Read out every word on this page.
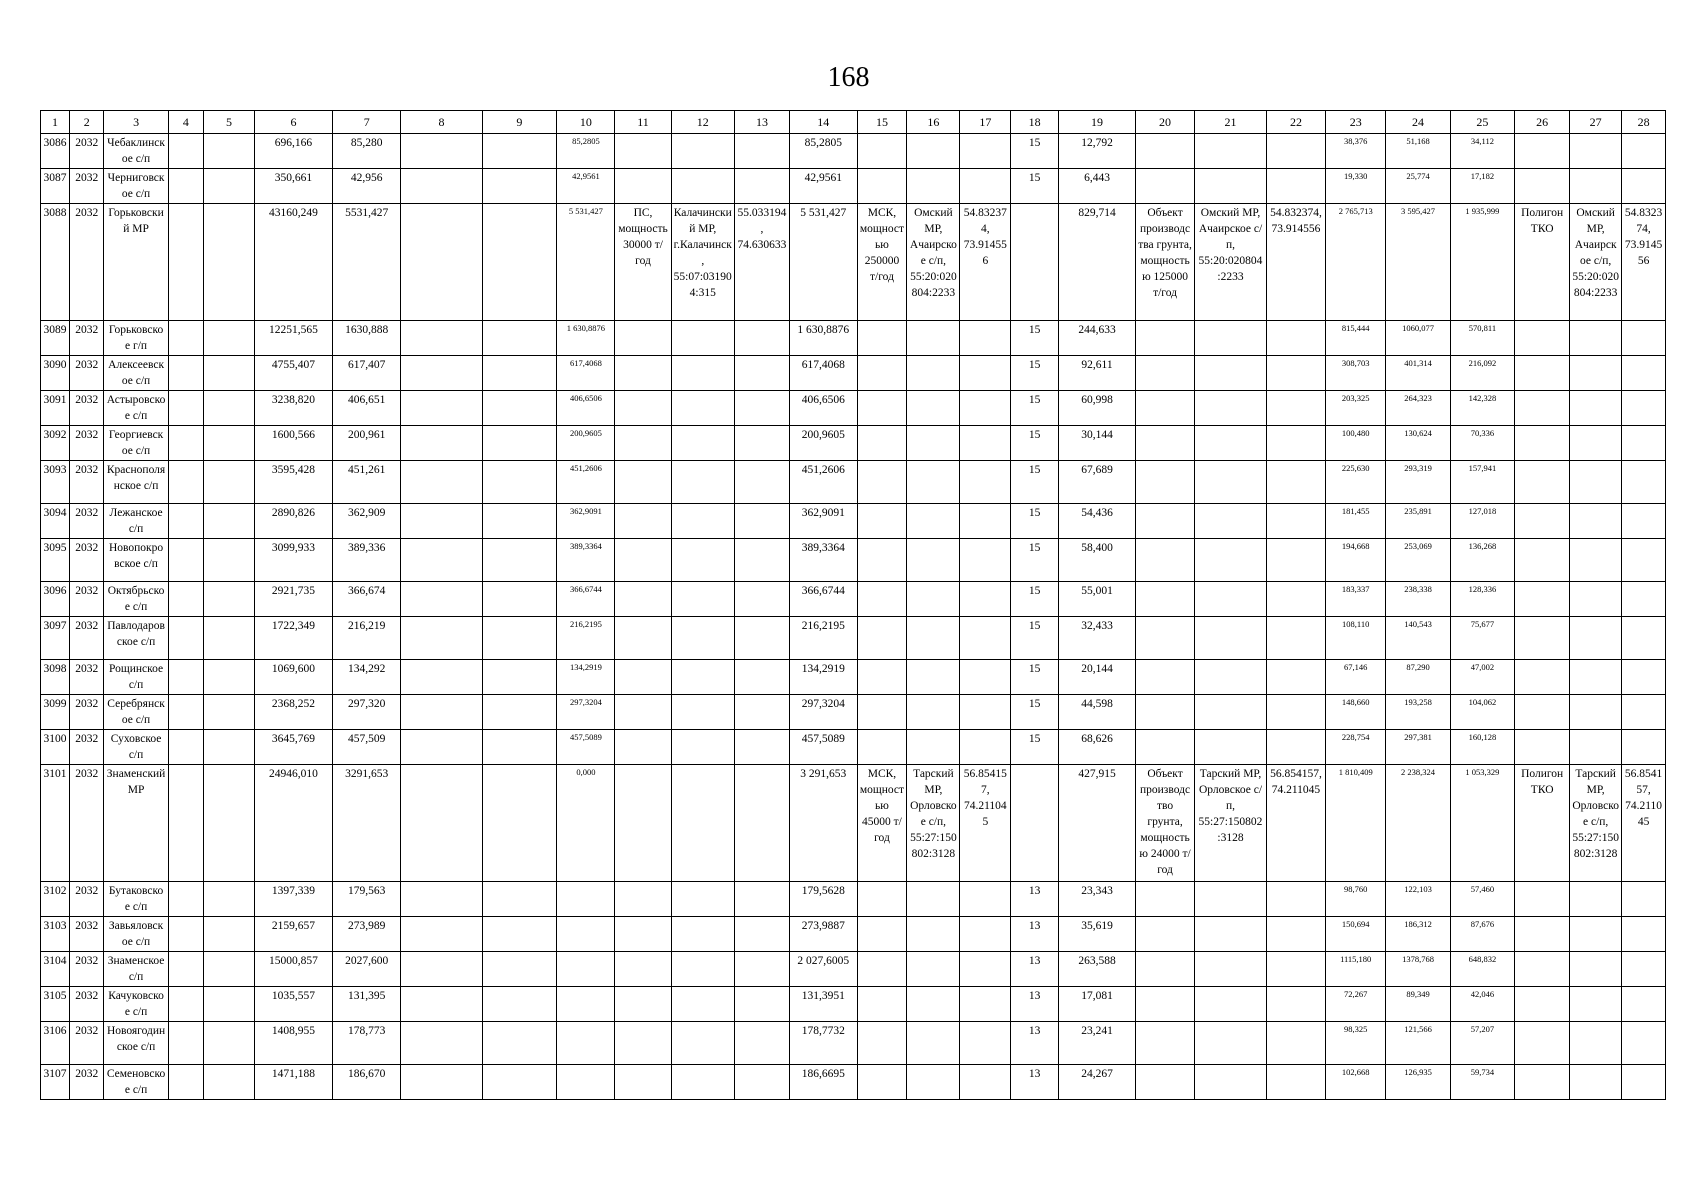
168
1	2	3	4	5	6	7	8	9	10	11	12	13	14	15	16	17	18	19	20	21	22	23	24	25	26	27	28
3086	2032	Чебаклинское с/п			696,166	85,280			85,2805				85,2805				15	12,792				38,376	51,168	34,112			
3087	2032	Черниговское с/п			350,661	42,956			42,9561				42,9561				15	6,443				19,330	25,774	17,182			
3088	2032	Горьковский МР			43160,249	5531,427			5 531,427	ПС, мощность 30000 т/год	Калачинский МР, г.Калачинск, 55:07:031904:315	55.033194, 74.630633	5 531,427	МСК, мощностью 250000 т/год	Омский МР, Ачаирское с/п, 55:20:020804:2233	54.832374, 73.914556		829,714	Объект производства грунта, мощностью 125000 т/год	Омский МР, Ачаирское с/п, 55:20:020804:2233	54.832374, 73.914556	2 765,713	3 595,427	1 935,999	Полигон ТКО	Омский МР, Ачаирское с/п, 55:20:020804:2233	54.832374, 73.914556
3089	2032	Горьковское г/п			12251,565	1630,888			1 630,8876				1 630,8876				15	244,633				815,444	1060,077	570,811			
3090	2032	Алексеевское с/п			4755,407	617,407			617,4068				617,4068				15	92,611				308,703	401,314	216,092			
3091	2032	Астыровское с/п			3238,820	406,651			406,6506				406,6506				15	60,998				203,325	264,323	142,328			
3092	2032	Георгиевское с/п			1600,566	200,961			200,9605				200,9605				15	30,144				100,480	130,624	70,336			
3093	2032	Краснополянское с/п			3595,428	451,261			451,2606				451,2606				15	67,689				225,630	293,319	157,941			
3094	2032	Лежанское с/п			2890,826	362,909			362,9091				362,9091				15	54,436				181,455	235,891	127,018			
3095	2032	Новопокровское с/п			3099,933	389,336			389,3364				389,3364				15	58,400				194,668	253,069	136,268			
3096	2032	Октябрьское с/п			2921,735	366,674			366,6744				366,6744				15	55,001				183,337	238,338	128,336			
3097	2032	Павлодаровское с/п			1722,349	216,219			216,2195				216,2195				15	32,433				108,110	140,543	75,677			
3098	2032	Рощинское с/п			1069,600	134,292			134,2919				134,2919				15	20,144				67,146	87,290	47,002			
3099	2032	Серебрянское с/п			2368,252	297,320			297,3204				297,3204				15	44,598				148,660	193,258	104,062			
3100	2032	Суховское с/п			3645,769	457,509			457,5089				457,5089				15	68,626				228,754	297,381	160,128			
3101	2032	Знаменский МР			24946,010	3291,653			0,000				3 291,653	МСК, мощностью 45000 т/год	Тарский МР, Орловское с/п, 55:27:150802:3128	56.854157, 74.211045		427,915	Объект производство грунта, мощностью 24000 т/год	Тарский МР, Орловское с/п, 55:27:150802:3128	56.854157, 74.211045	1 810,409	2 238,324	1 053,329	Полигон ТКО	Тарский МР, Орловское с/п, 55:27:150802:3128	56.854157, 74.211045
3102	2032	Бутаковское с/п			1397,339	179,563							179,5628				13	23,343				98,760	122,103	57,460			
3103	2032	Завьяловское с/п			2159,657	273,989							273,9887				13	35,619				150,694	186,312	87,676			
3104	2032	Знаменское с/п			15000,857	2027,600							2 027,6005				13	263,588				1115,180	1378,768	648,832			
3105	2032	Качуковское с/п			1035,557	131,395							131,3951				13	17,081				72,267	89,349	42,046			
3106	2032	Новоягодинское с/п			1408,955	178,773							178,7732				13	23,241				98,325	121,566	57,207			
3107	2032	Семеновское с/п			1471,188	186,670							186,6695				13	24,267				102,668	126,935	59,734			
